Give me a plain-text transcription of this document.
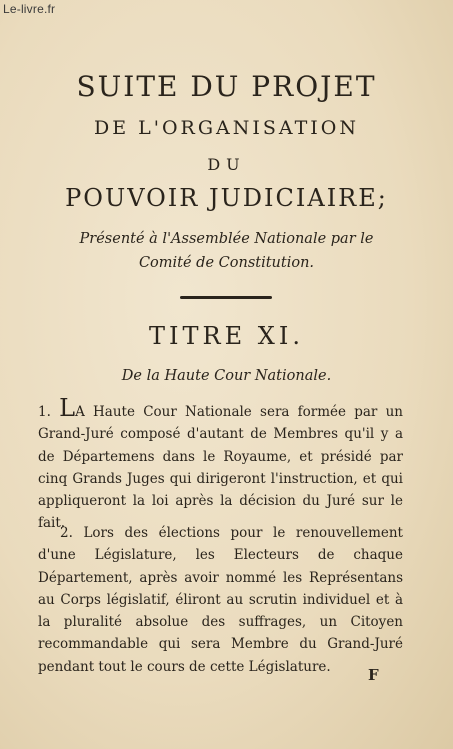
Le-livre.fr
SUITE DU PROJET
DE L'ORGANISATION
DU
POUVOIR JUDICIAIRE;
Présenté à l'Assemblée Nationale par le
Comité de Constitution.
TITRE XI.
De la Haute Cour Nationale.
1. LA Haute Cour Nationale sera formée par un Grand-Juré composé d'autant de Membres qu'il y a de Départemens dans le Royaume, et présidé par cinq Grands Juges qui dirigeront l'instruction, et qui appliqueront la loi après la décision du Juré sur le fait.
2. Lors des élections pour le renouvellement d'une Législature, les Electeurs de chaque Département, après avoir nommé les Représentans au Corps législatif, éliront au scrutin individuel et à la pluralité absolue des suffrages, un Citoyen recommandable qui sera Membre du Grand-Juré pendant tout le cours de cette Législature.	F
